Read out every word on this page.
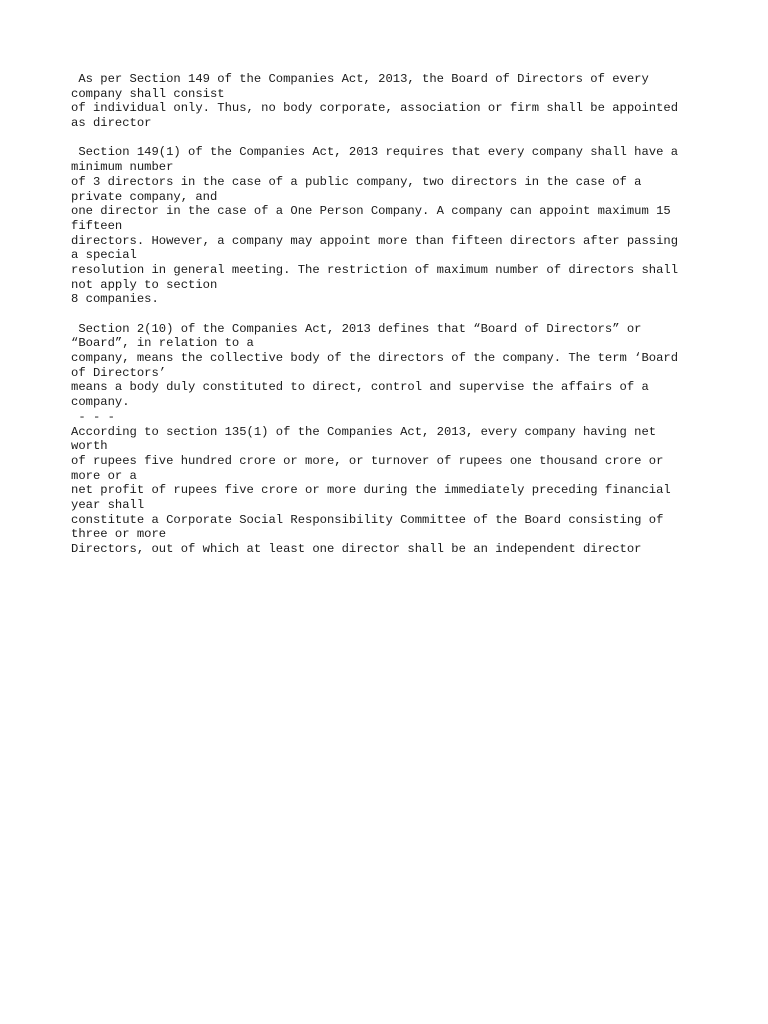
As per Section 149 of the Companies Act, 2013, the Board of Directors of every
company shall consist
of individual only. Thus, no body corporate, association or firm shall be appointed
as director
Section 149(1) of the Companies Act, 2013 requires that every company shall have a
minimum number
of 3 directors in the case of a public company, two directors in the case of a
private company, and
one director in the case of a One Person Company. A company can appoint maximum 15
fifteen
directors. However, a company may appoint more than fifteen directors after passing
a special
resolution in general meeting. The restriction of maximum number of directors shall
not apply to section
8 companies.
Section 2(10) of the Companies Act, 2013 defines that “Board of Directors” or
“Board”, in relation to a
company, means the collective body of the directors of the company. The term ‘Board
of Directors’
means a body duly constituted to direct, control and supervise the affairs of a
company.
- - -
According to section 135(1) of the Companies Act, 2013, every company having net
worth
of rupees five hundred crore or more, or turnover of rupees one thousand crore or
more or a
net profit of rupees five crore or more during the immediately preceding financial
year shall
constitute a Corporate Social Responsibility Committee of the Board consisting of
three or more
Directors, out of which at least one director shall be an independent director
